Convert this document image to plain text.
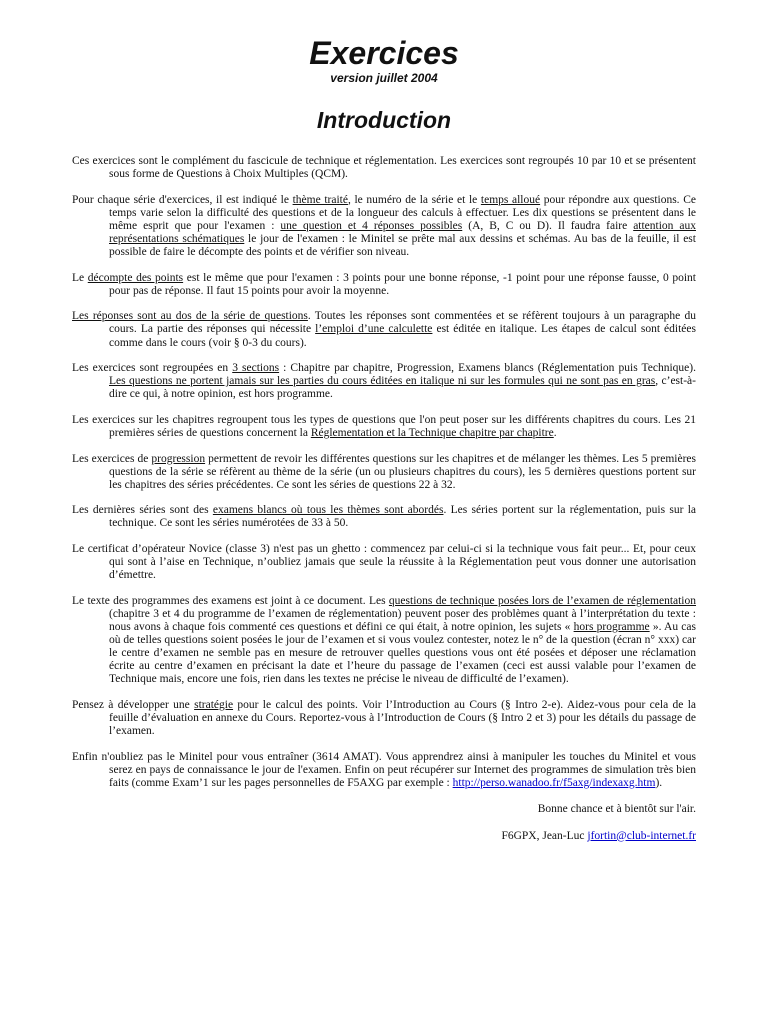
Exercices
version juillet 2004
Introduction

Ces exercices sont le complément du fascicule de technique et réglementation. Les exercices sont regroupés 10 par 10 et se présentent sous forme de Questions à Choix Multiples (QCM).

Pour chaque série d'exercices, il est indiqué le thème traité, le numéro de la série et le temps alloué pour répondre aux questions. Ce temps varie selon la difficulté des questions et de la longueur des calculs à effectuer. Les dix questions se présentent dans le même esprit que pour l'examen : une question et 4 réponses possibles (A, B, C ou D). Il faudra faire attention aux représentations schématiques le jour de l'examen : le Minitel se prête mal aux dessins et schémas. Au bas de la feuille, il est possible de faire le décompte des points et de vérifier son niveau.

Le décompte des points est le même que pour l'examen : 3 points pour une bonne réponse, -1 point pour une réponse fausse, 0 point pour pas de réponse. Il faut 15 points pour avoir la moyenne.

Les réponses sont au dos de la série de questions. Toutes les réponses sont commentées et se réfèrent toujours à un paragraphe du cours. La partie des réponses qui nécessite l’emploi d’une calculette est éditée en italique. Les étapes de calcul sont éditées comme dans le cours (voir § 0-3 du cours).

Les exercices sont regroupées en 3 sections : Chapitre par chapitre, Progression, Examens blancs (Réglementation puis Technique). Les questions ne portent jamais sur les parties du cours éditées en italique ni sur les formules qui ne sont pas en gras, c’est-à-dire ce qui, à notre opinion, est hors programme.

Les exercices sur les chapitres regroupent tous les types de questions que l'on peut poser sur les différents chapitres du cours. Les 21 premières séries de questions concernent la Réglementation et la Technique chapitre par chapitre.

Les exercices de progression permettent de revoir les différentes questions sur les chapitres et de mélanger les thèmes. Les 5 premières questions de la série se réfèrent au thème de la série (un ou plusieurs chapitres du cours), les 5 dernières questions portent sur les chapitres des séries précédentes. Ce sont les séries de questions 22 à 32.

Les dernières séries sont des examens blancs où tous les thèmes sont abordés. Les séries portent sur la réglementation, puis sur la technique. Ce sont les séries numérotées de 33 à 50.

Le certificat d’opérateur Novice (classe 3) n'est pas un ghetto : commencez par celui-ci si la technique vous fait peur... Et, pour ceux qui sont à l’aise en Technique, n’oubliez jamais que seule la réussite à la Réglementation peut vous donner une autorisation d’émettre.

Le texte des programmes des examens est joint à ce document. Les questions de technique posées lors de l’examen de réglementation (chapitre 3 et 4 du programme de l’examen de réglementation) peuvent poser des problèmes quant à l’interprétation du texte : nous avons à chaque fois commenté ces questions et défini ce qui était, à notre opinion, les sujets « hors programme ». Au cas où de telles questions soient posées le jour de l’examen et si vous voulez contester, notez le n° de la question (écran n° xxx) car le centre d’examen ne semble pas en mesure de retrouver quelles questions vous ont été posées et déposer une réclamation écrite au centre d’examen en précisant la date et l’heure du passage de l’examen (ceci est aussi valable pour l’examen de Technique mais, encore une fois, rien dans les textes ne précise le niveau de difficulté de l’examen).

Pensez à développer une stratégie pour le calcul des points. Voir l’Introduction au Cours (§ Intro 2-e). Aidez-vous pour cela de la feuille d’évaluation en annexe du Cours. Reportez-vous à l’Introduction de Cours (§ Intro 2 et 3) pour les détails du passage de l’examen.

Enfin n'oubliez pas le Minitel pour vous entraîner (3614 AMAT). Vous apprendrez ainsi à manipuler les touches du Minitel et vous serez en pays de connaissance le jour de l'examen. Enfin on peut récupérer sur Internet des programmes de simulation très bien faits (comme Exam’1 sur les pages personnelles de F5AXG par exemple : http://perso.wanadoo.fr/f5axg/indexaxg.htm).

Bonne chance et à bientôt sur l'air.

F6GPX, Jean-Luc jfortin@club-internet.fr
